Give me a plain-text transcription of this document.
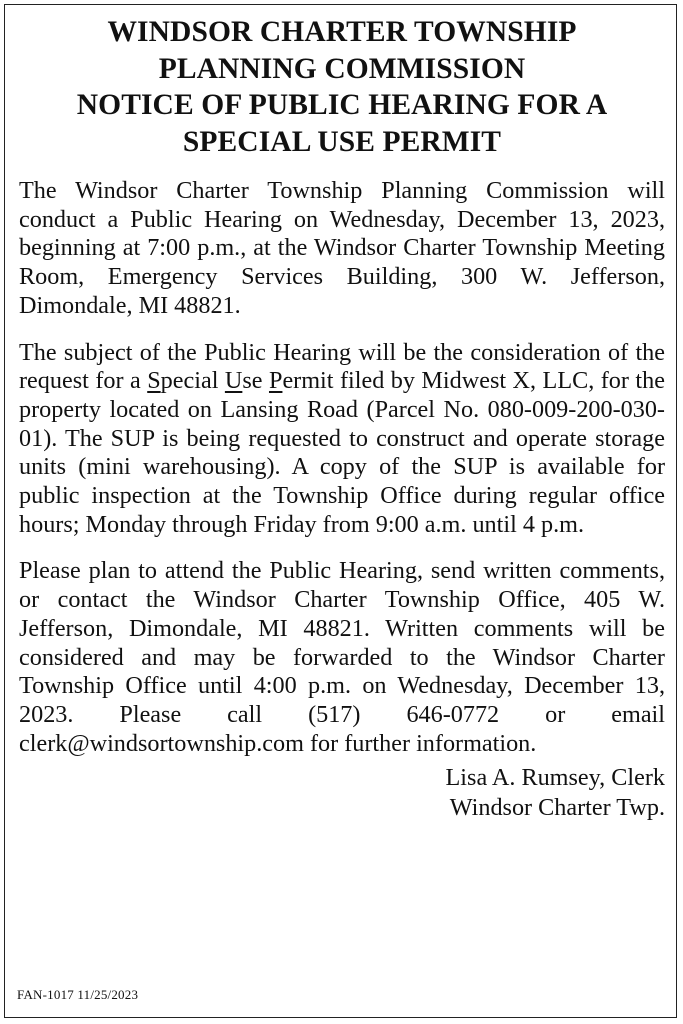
WINDSOR CHARTER TOWNSHIP
PLANNING COMMISSION
NOTICE OF PUBLIC HEARING FOR A
SPECIAL USE PERMIT

The Windsor Charter Township Planning Commission will conduct a Public Hearing on Wednesday, December 13, 2023, beginning at 7:00 p.m., at the Windsor Charter Township Meeting Room, Emergency Services Building, 300 W. Jefferson, Dimondale, MI 48821.

The subject of the Public Hearing will be the consideration of the request for a Special Use Permit filed by Midwest X, LLC, for the property located on Lansing Road (Parcel No. 080-009-200-030-01). The SUP is being requested to construct and operate storage units (mini warehousing). A copy of the SUP is available for public inspection at the Township Office during regular office hours; Monday through Friday from 9:00 a.m. until 4 p.m.

Please plan to attend the Public Hearing, send written comments, or contact the Windsor Charter Township Office, 405 W. Jefferson, Dimondale, MI 48821. Written comments will be considered and may be forwarded to the Windsor Charter Township Office until 4:00 p.m. on Wednesday, December 13, 2023. Please call (517) 646-0772 or email clerk@windsortownship.com for further information.

Lisa A. Rumsey, Clerk
Windsor Charter Twp.
FAN-1017 11/25/2023
